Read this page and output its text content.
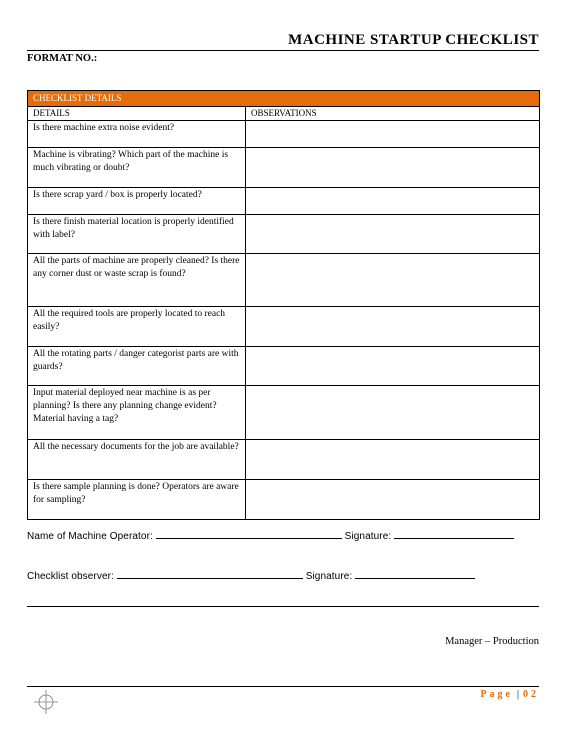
MACHINE STARTUP CHECKLIST
FORMAT NO.:
CHECKLIST DETAILS	
DETAILS	OBSERVATIONS
Is there machine extra noise evident?	
Machine is vibrating? Which part of the machine is much vibrating or doubt?	
Is there scrap yard / box is properly located?	
Is there finish material location is properly identified with label?	
All the parts of machine are properly cleaned? Is there any corner dust or waste scrap is found?	
All the required tools are properly located to reach easily?	
All the rotating parts / danger categorist parts are with guards?	
Input material deployed near machine is as per planning? Is there any planning change evident? Material having a tag?	
All the necessary documents for the job are available?	
Is there sample planning is done? Operators are aware for sampling?	
Name of Machine Operator:	Signature:
Checklist observer:	Signature:
Manager – Production
Page | 02
